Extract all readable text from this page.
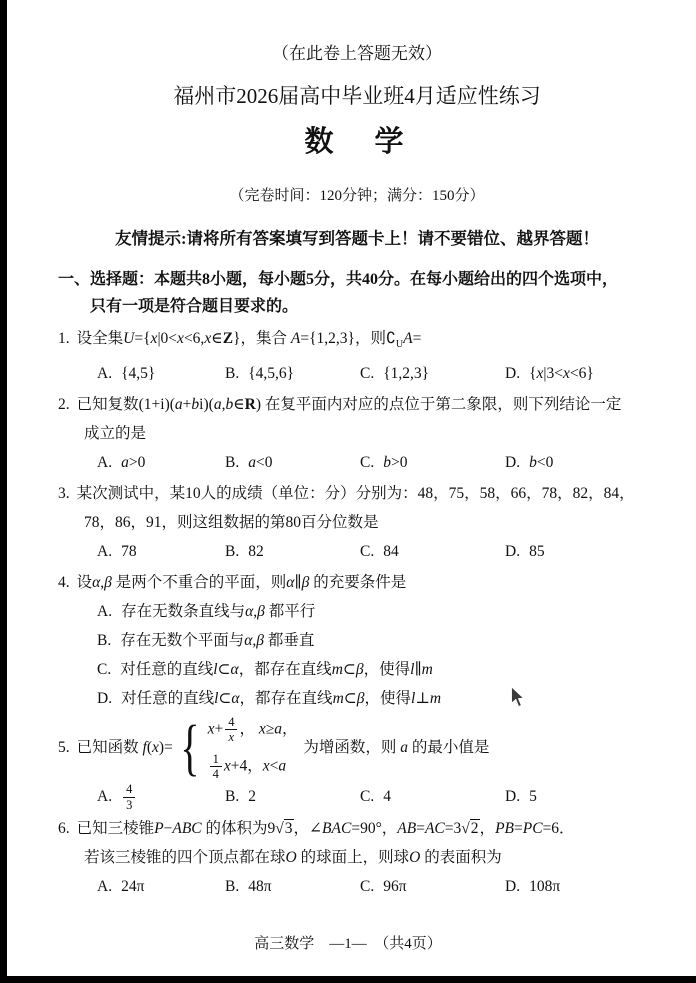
（在此卷上答题无效）
福州市2026届高中毕业班4月适应性练习
数　学
（完卷时间：120分钟；满分：150分）
友情提示:请将所有答案填写到答题卡上！请不要错位、越界答题！
一、选择题：本题共8小题，每小题5分，共40分。在每小题给出的四个选项中，
只有一项是符合题目要求的。
1. 设全集U={x|0<x<6,x∈Z}，集合 A={1,2,3}，则$∁_UA=$
A. {4,5}	B. {4,5,6}	C. {1,2,3}	D. {x|3<x<6}
2. 已知复数(1+i)(a+bi)(a,b∈R) 在复平面内对应的点位于第二象限，则下列结论一定
成立的是
A. a>0	B. a<0	C. b>0	D. b<0
3. 某次测试中，某10人的成绩（单位：分）分别为：48，75，58，66，78，82，84，
78，86，91，则这组数据的第80百分位数是
A. 78	B. 82	C. 84	D. 85
4. 设α,β 是两个不重合的平面，则α∥β 的充要条件是
A. 存在无数条直线与α,β 都平行
B. 存在无数个平面与α,β 都垂直
C. 对任意的直线l⊂α，都存在直线m⊂β，使得l∥m
D. 对任意的直线l⊂α，都存在直线m⊂β，使得l⊥m
5. 已知函数 f(x)= { $x+ \frac{4}{x}$ ， x≥a，
$\frac{1}{4} x+4$，x<a
为增函数，则 a 的最小值是
A. $\frac{4}{3}$	B. 2	C. 4	D. 5
6. 已知三棱锥P−ABC 的体积为9√3，∠BAC=90°，AB=AC=3√2，PB=PC=6．
若该三棱锥的四个顶点都在球O 的球面上，则球O 的表面积为
A. 24π	B. 48π	C. 96π	D. 108π
高三数学　—1—　（共4页）
